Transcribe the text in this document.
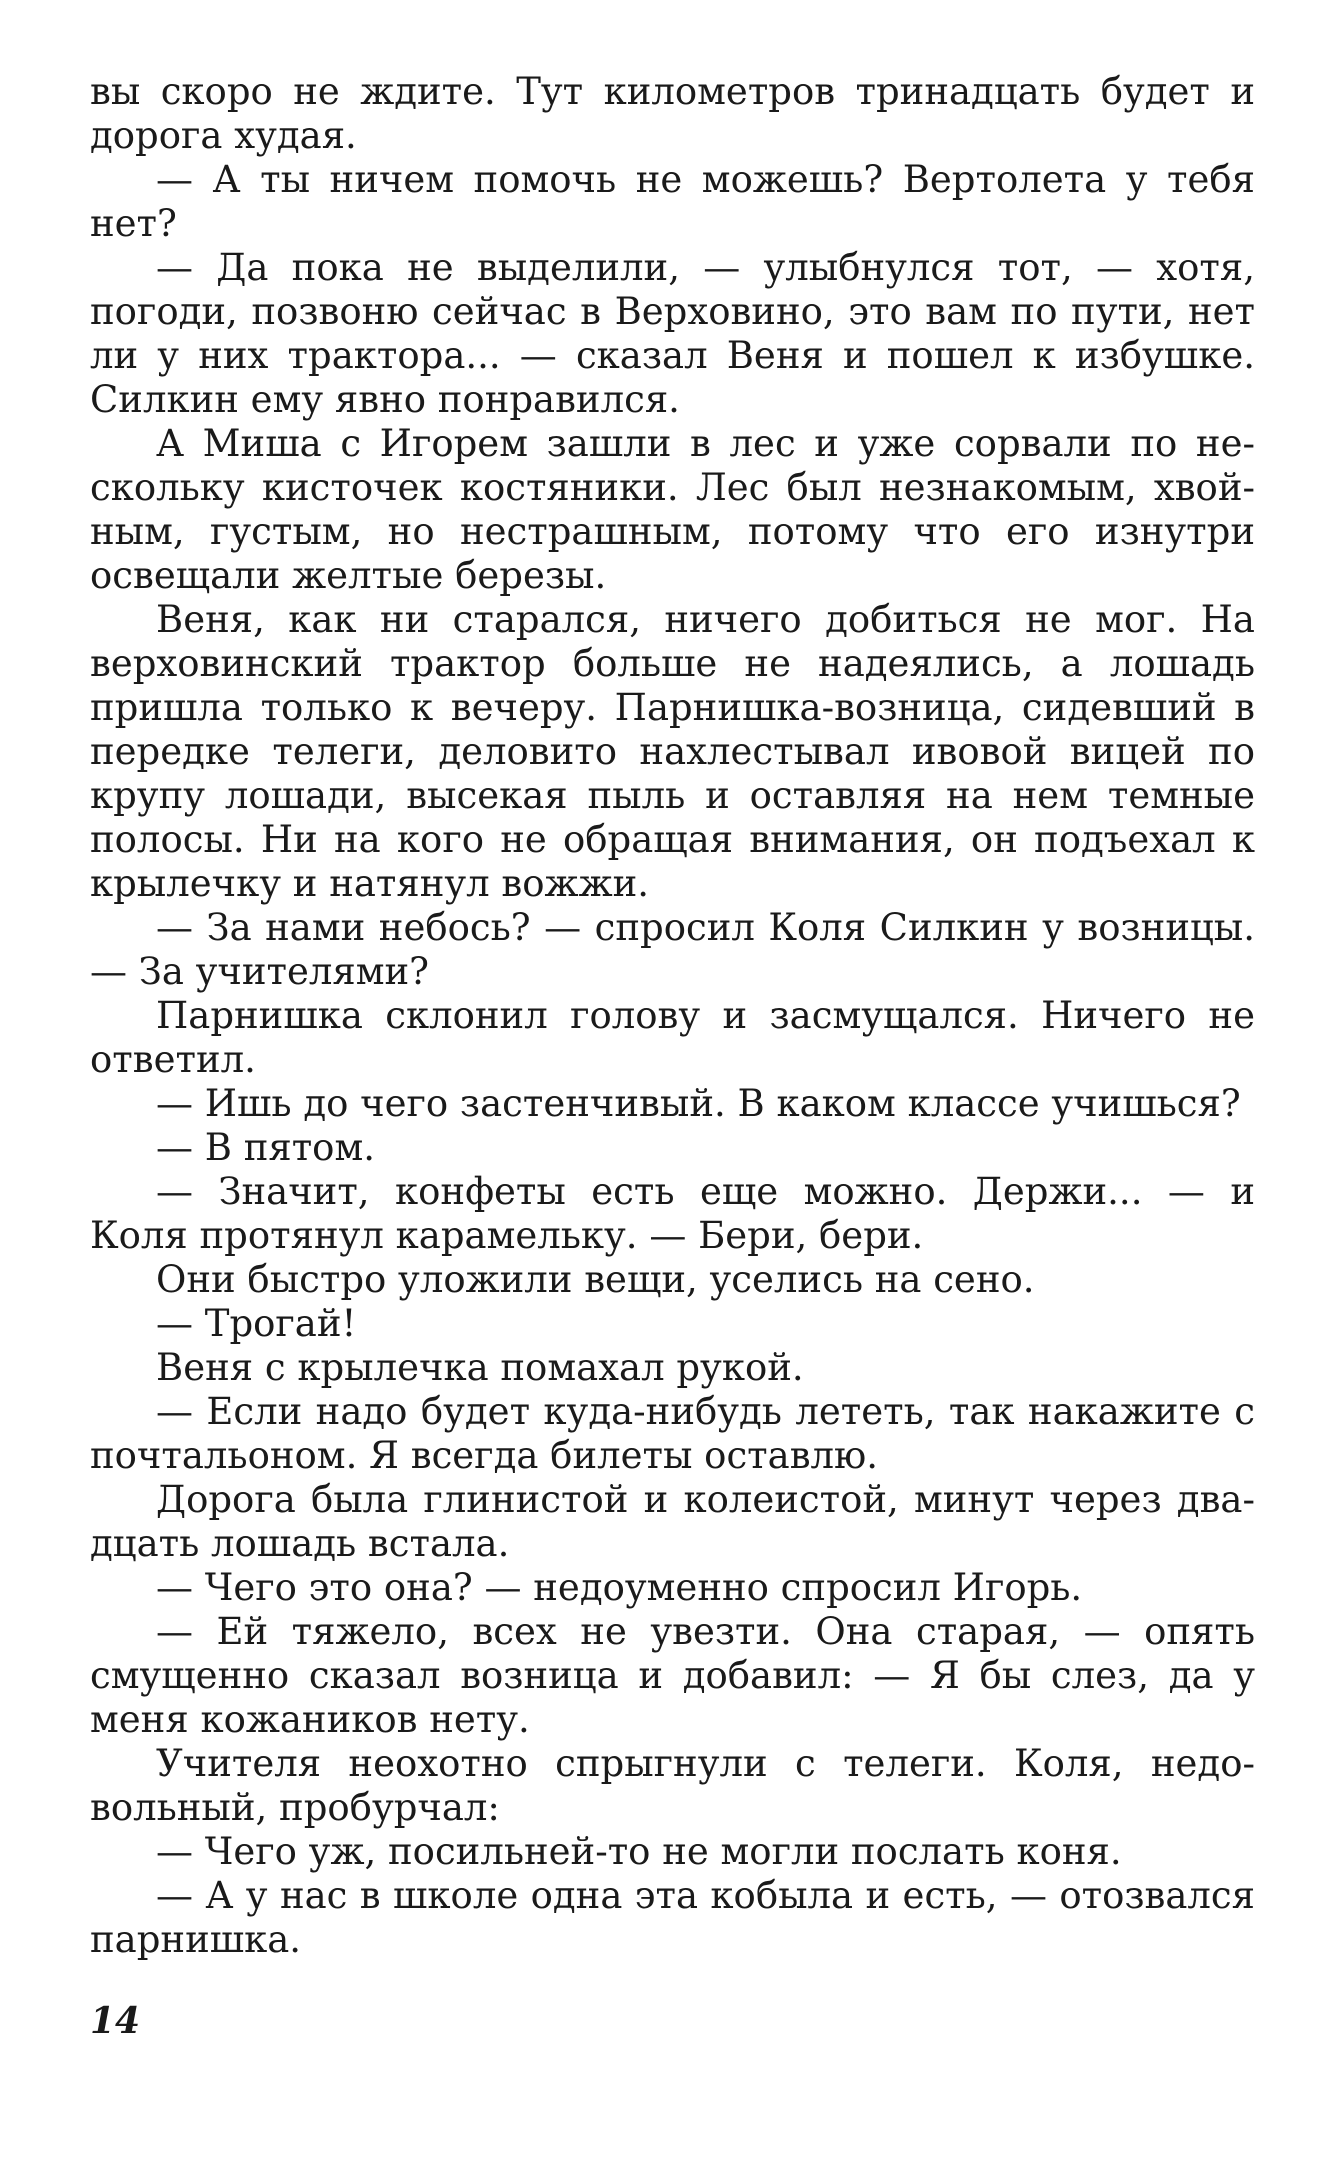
вы скоро не ждите. Тут километров тринадцать будет и дорога худая.

— А ты ничем помочь не можешь? Вертолета у тебя нет?

— Да пока не выделили, — улыбнулся тот, — хотя, погоди, позвоню сейчас в Верховино, это вам по пути, нет ли у них трактора... — сказал Веня и пошел к избушке. Силкин ему явно понравился.

А Миша с Игорем зашли в лес и уже сорвали по нескольку кисточек костяники. Лес был незнакомым, хвойным, густым, но нестрашным, потому что его изнутри освещали желтые березы.

Веня, как ни старался, ничего добиться не мог. На верховинский трактор больше не надеялись, а лошадь пришла только к вечеру. Парнишка-возница, сидевший в передке телеги, деловито нахлестывал ивовой вицей по крупу лошади, высекая пыль и оставляя на нем темные полосы. Ни на кого не обращая внимания, он подъехал к крылечку и натянул вожжи.

— За нами небось? — спросил Коля Силкин у возницы. — За учителями?

Парнишка склонил голову и засмущался. Ничего не ответил.

— Ишь до чего застенчивый. В каком классе учишься?

— В пятом.

— Значит, конфеты есть еще можно. Держи... — и Коля протянул карамельку. — Бери, бери.

Они быстро уложили вещи, уселись на сено.

— Трогай!

Веня с крылечка помахал рукой.

— Если надо будет куда-нибудь лететь, так накажите с почтальоном. Я всегда билеты оставлю.

Дорога была глинистой и колеистой, минут через двадцать лошадь встала.

— Чего это она? — недоуменно спросил Игорь.

— Ей тяжело, всех не увезти. Она старая, — опять смущенно сказал возница и добавил: — Я бы слез, да у меня кожаников нету.

Учителя неохотно спрыгнули с телеги. Коля, недовольный, пробурчал:

— Чего уж, посильней-то не могли послать коня.

— А у нас в школе одна эта кобыла и есть, — отозвался парнишка.

14
